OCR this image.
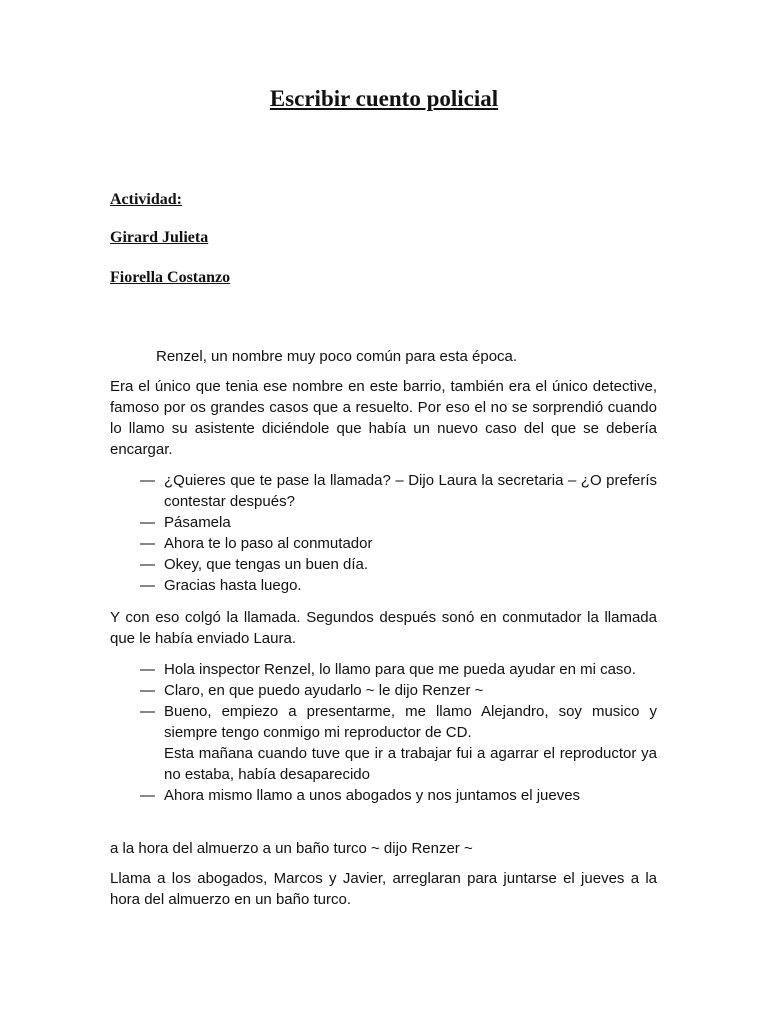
Escribir cuento policial
Actividad:
Girard Julieta
Fiorella Costanzo
Renzel, un nombre muy poco común para esta época.
Era el único que tenia ese nombre en este barrio, también era el único detective, famoso por os grandes casos que a resuelto. Por eso el no se sorprendió cuando lo llamo su asistente diciéndole que había un nuevo caso del que se debería encargar.
— ¿Quieres que te pase la llamada? – Dijo Laura la secretaria – ¿O preferís contestar después?
— Pásamela
— Ahora te lo paso al conmutador
— Okey, que tengas un buen día.
— Gracias hasta luego.
Y con eso colgó la llamada. Segundos después sonó en conmutador la llamada que le había enviado Laura.
— Hola inspector Renzel, lo llamo para que me pueda ayudar en mi caso.
— Claro, en que puedo ayudarlo ~ le dijo Renzer ~
— Bueno, empiezo a presentarme, me llamo Alejandro, soy musico y siempre tengo conmigo mi reproductor de CD.
Esta mañana cuando tuve que ir a trabajar fui a agarrar el reproductor ya no estaba, había desaparecido
— Ahora mismo llamo a unos abogados y nos juntamos el jueves
a la hora del almuerzo a un baño turco ~ dijo Renzer ~
Llama a los abogados, Marcos y Javier, arreglaran para juntarse el jueves a la hora del almuerzo en un baño turco.
